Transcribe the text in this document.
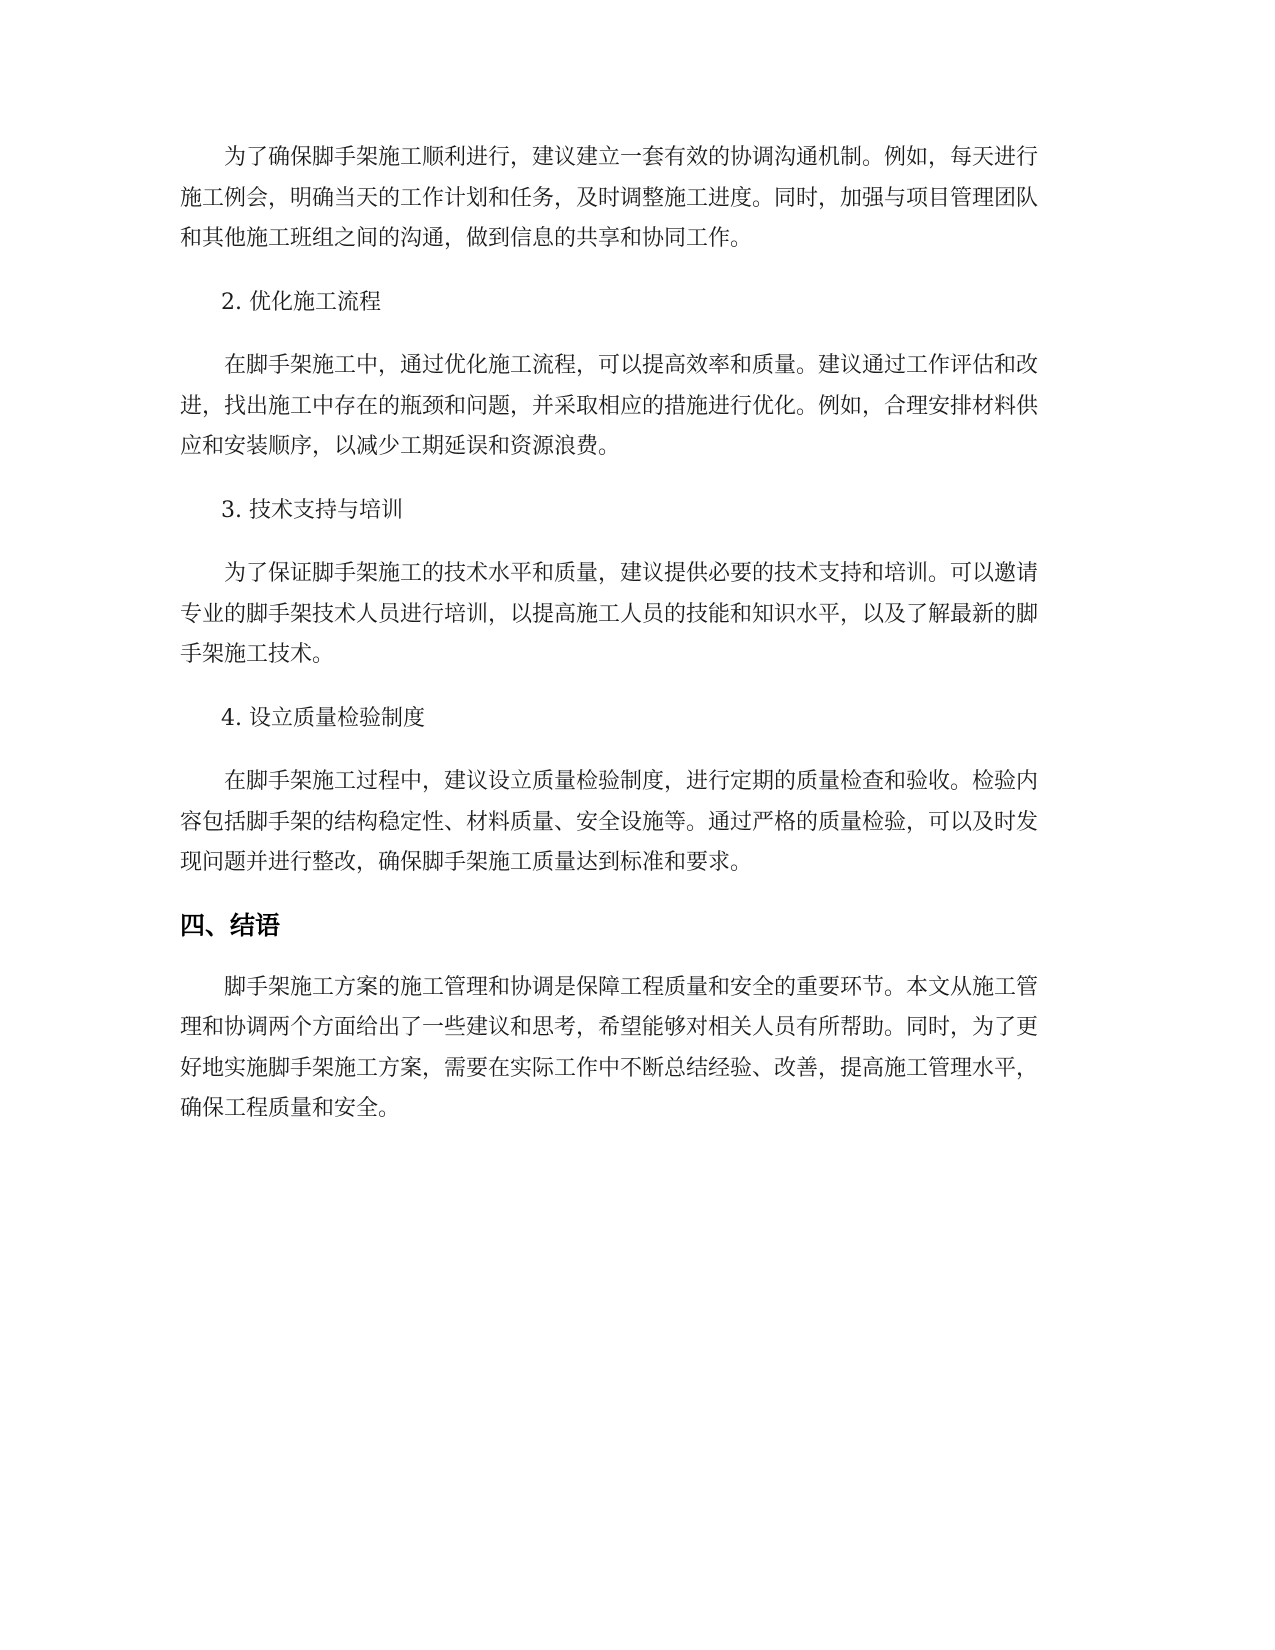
为了确保脚手架施工顺利进行，建议建立一套有效的协调沟通机制。例如，每天进行施工例会，明确当天的工作计划和任务，及时调整施工进度。同时，加强与项目管理团队和其他施工班组之间的沟通，做到信息的共享和协同工作。

2. 优化施工流程

在脚手架施工中，通过优化施工流程，可以提高效率和质量。建议通过工作评估和改进，找出施工中存在的瓶颈和问题，并采取相应的措施进行优化。例如，合理安排材料供应和安装顺序，以减少工期延误和资源浪费。

3. 技术支持与培训

为了保证脚手架施工的技术水平和质量，建议提供必要的技术支持和培训。可以邀请专业的脚手架技术人员进行培训，以提高施工人员的技能和知识水平，以及了解最新的脚手架施工技术。

4. 设立质量检验制度

在脚手架施工过程中，建议设立质量检验制度，进行定期的质量检查和验收。检验内容包括脚手架的结构稳定性、材料质量、安全设施等。通过严格的质量检验，可以及时发现问题并进行整改，确保脚手架施工质量达到标准和要求。

四、结语

脚手架施工方案的施工管理和协调是保障工程质量和安全的重要环节。本文从施工管理和协调两个方面给出了一些建议和思考，希望能够对相关人员有所帮助。同时，为了更好地实施脚手架施工方案，需要在实际工作中不断总结经验、改善，提高施工管理水平，确保工程质量和安全。
